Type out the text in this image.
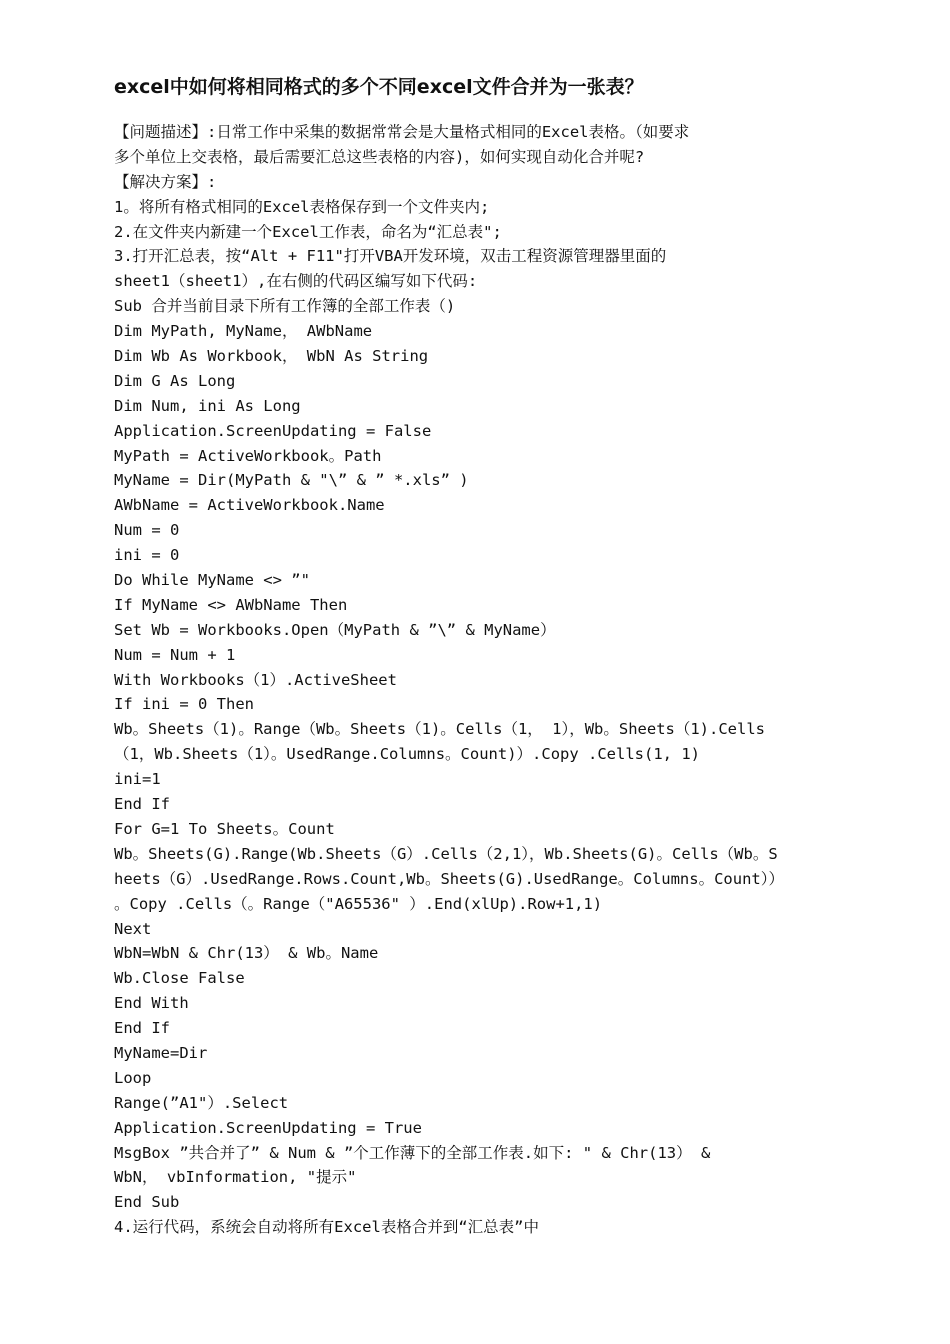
excel中如何将相同格式的多个不同excel文件合并为一张表？
【问题描述】:日常工作中采集的数据常常会是大量格式相同的Excel表格。（如要求
多个单位上交表格，最后需要汇总这些表格的内容)，如何实现自动化合并呢?
【解决方案】:
1。将所有格式相同的Excel表格保存到一个文件夹内;
2.在文件夹内新建一个Excel工作表，命名为“汇总表";
3.打开汇总表，按“Alt + F11"打开VBA开发环境，双击工程资源管理器里面的
sheet1（sheet1）,在右侧的代码区编写如下代码:
Sub 合并当前目录下所有工作簿的全部工作表（)
Dim MyPath, MyName， AWbName
Dim Wb As Workbook， WbN As String
Dim G As Long
Dim Num, ini As Long
Application.ScreenUpdating = False
MyPath = ActiveWorkbook。Path
MyName = Dir(MyPath & "\” & ” *.xls” )
AWbName = ActiveWorkbook.Name
Num = 0
ini = 0
Do While MyName <> ”"
If MyName <> AWbName Then
Set Wb = Workbooks.Open（MyPath & ”\” & MyName）
Num = Num + 1
With Workbooks（1）.ActiveSheet
If ini = 0 Then
Wb。Sheets（1)。Range（Wb。Sheets（1)。Cells（1， 1），Wb。Sheets（1).Cells
（1，Wb.Sheets（1）。UsedRange.Columns。Count)）.Copy .Cells(1, 1)
ini=1
End If
For G=1 To Sheets。Count
Wb。Sheets(G).Range(Wb.Sheets（G）.Cells（2,1），Wb.Sheets(G)。Cells（Wb。S
heets（G）.UsedRange.Rows.Count,Wb。Sheets(G).UsedRange。Columns。Count））
。Copy .Cells（。Range（"A65536" ）.End(xlUp).Row+1,1)
Next
WbN=WbN & Chr(13） & Wb。Name
Wb.Close False
End With
End If
MyName=Dir
Loop
Range(”A1"）.Select
Application.ScreenUpdating = True
MsgBox ”共合并了” & Num & ”个工作薄下的全部工作表.如下: " & Chr(13） &
WbN， vbInformation, "提示"
End Sub
4.运行代码，系统会自动将所有Excel表格合并到“汇总表”中
